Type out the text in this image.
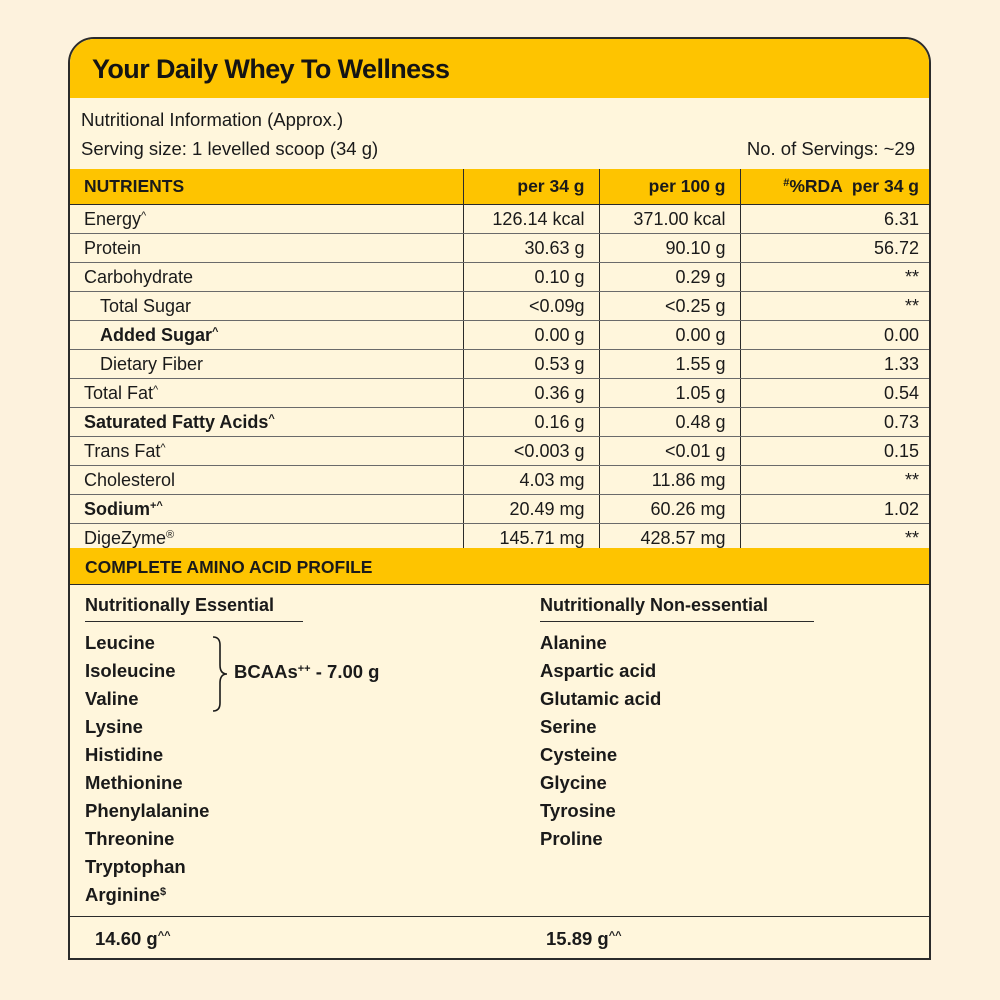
Your Daily Whey To Wellness
Nutritional Information (Approx.)
Serving size: 1 levelled scoop (34 g)	No. of Servings: ~29
NUTRIENTS	per 34 g	per 100 g	#%RDA  per 34 g
Energy^	126.14 kcal	371.00 kcal	6.31
Protein	30.63 g	90.10 g	56.72
Carbohydrate	0.10 g	0.29 g	**
Total Sugar	<0.09g	<0.25 g	**
Added Sugar^	0.00 g	0.00 g	0.00
Dietary Fiber	0.53 g	1.55 g	1.33
Total Fat^	0.36 g	1.05 g	0.54
Saturated Fatty Acids^	0.16 g	0.48 g	0.73
Trans Fat^	<0.003 g	<0.01 g	0.15
Cholesterol	4.03 mg	11.86 mg	**
Sodium+^	20.49 mg	60.26 mg	1.02
DigeZyme®	145.71 mg	428.57 mg	**
COMPLETE AMINO ACID PROFILE
Nutritionally Essential	Nutritionally Non-essential
Leucine
Isoleucine
Valine
Lysine
Histidine
Methionine
Phenylalanine
Threonine
Tryptophan
Arginine$
BCAAs++ - 7.00 g
Alanine
Aspartic acid
Glutamic acid
Serine
Cysteine
Glycine
Tyrosine
Proline
14.60 g^^	15.89 g^^
